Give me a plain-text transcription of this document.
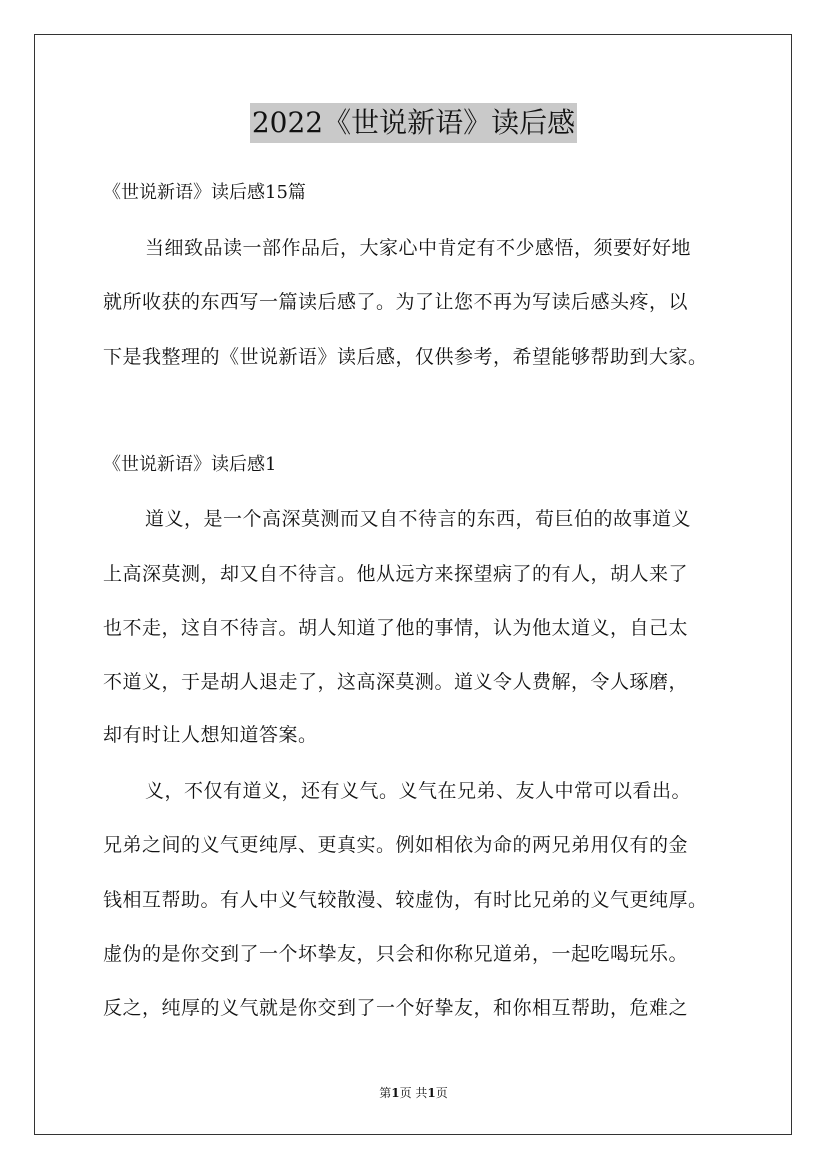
2022《世说新语》读后感
《世说新语》读后感15篇
当细致品读一部作品后，大家心中肯定有不少感悟，须要好好地
就所收获的东西写一篇读后感了。为了让您不再为写读后感头疼，以
下是我整理的《世说新语》读后感，仅供参考，希望能够帮助到大家。
《世说新语》读后感1
道义，是一个高深莫测而又自不待言的东西，荀巨伯的故事道义
上高深莫测，却又自不待言。他从远方来探望病了的有人，胡人来了
也不走，这自不待言。胡人知道了他的事情，认为他太道义，自己太
不道义，于是胡人退走了，这高深莫测。道义令人费解，令人琢磨，
却有时让人想知道答案。
义，不仅有道义，还有义气。义气在兄弟、友人中常可以看出。
兄弟之间的义气更纯厚、更真实。例如相依为命的两兄弟用仅有的金
钱相互帮助。有人中义气较散漫、较虚伪，有时比兄弟的义气更纯厚。
虚伪的是你交到了一个坏挚友，只会和你称兄道弟，一起吃喝玩乐。
反之，纯厚的义气就是你交到了一个好挚友，和你相互帮助，危难之
第1页 共1页
